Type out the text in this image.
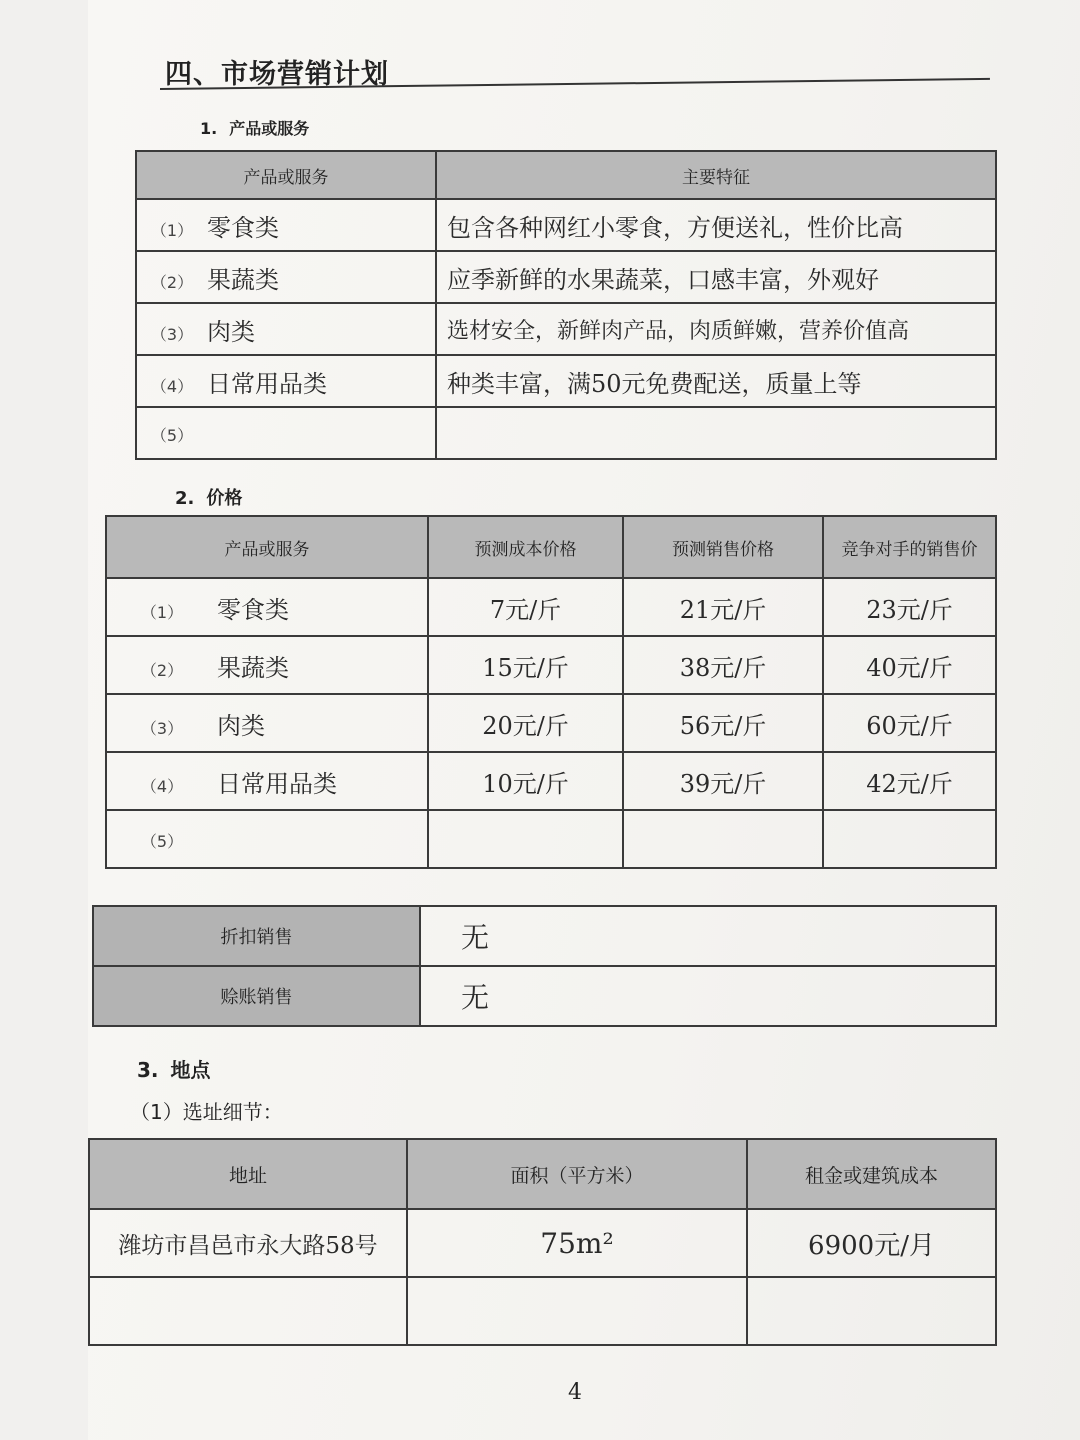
四、市场营销计划
1. 产品或服务
产品或服务	主要特征
（1） 零食类	包含各种网红小零食，方便送礼，性价比高
（2） 果蔬类	应季新鲜的水果蔬菜，口感丰富，外观好
（3） 肉类	选材安全，新鲜肉产品，肉质鲜嫩，营养价值高
（4） 日常用品类	种类丰富，满50元免费配送，质量上等
（5）	
2. 价格
产品或服务	预测成本价格	预测销售价格	竞争对手的销售价
（1） 零食类	7元/斤	21元/斤	23元/斤
（2） 果蔬类	15元/斤	38元/斤	40元/斤
（3） 肉类	20元/斤	56元/斤	60元/斤
（4） 日常用品类	10元/斤	39元/斤	42元/斤
（5）			
折扣销售	无
赊账销售	无
3. 地点
（1）选址细节：
地址	面积（平方米）	租金或建筑成本
潍坊市昌邑市永大路58号	75m²	6900元/月

4
